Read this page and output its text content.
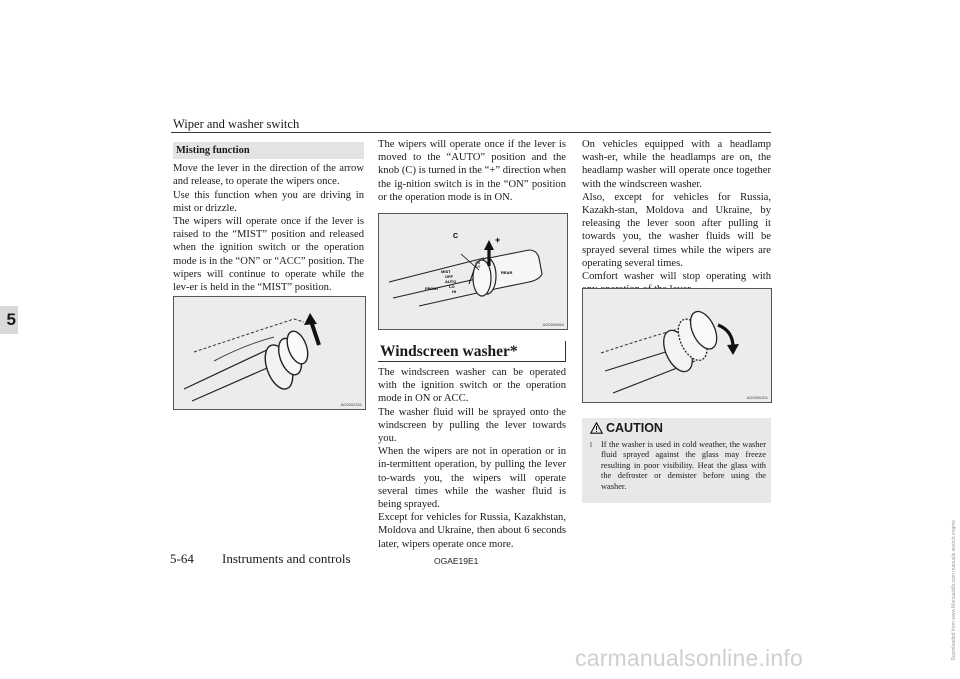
Wiper and washer switch
5

Misting function

Move the lever in the direction of the arrow and release, to operate the wipers once.

Use this function when you are driving in mist or drizzle.

The wipers will operate once if the lever is raised to the “MIST” position and released when the ignition switch or the operation mode is in the “ON” or “ACC” position. The wipers will continue to operate while the lev-er is held in the “MIST” position.

AG0002332

The wipers will operate once if the lever is moved to the “AUTO” position and the knob (C) is turned in the “+” direction when the ig-nition switch is in the “ON” position or the operation mode is in ON.

C	+
MIST
OFF
AUTO
LO
HI
FRONT
REAR
INT
ON
AG0000664
Windscreen washer*

The windscreen washer can be operated with the ignition switch or the operation mode in ON or ACC.

The washer fluid will be sprayed onto the windscreen by pulling the lever towards you.

When the wipers are not in operation or in in-termittent operation, by pulling the lever to-wards you, the wipers will operate several times while the washer fluid is being sprayed.

Except for vehicles for Russia, Kazakhstan, Moldova and Ukraine, then about 6 seconds later, wipers operate once more.

On vehicles equipped with a headlamp wash-er, while the headlamps are on, the headlamp washer will operate once together with the windscreen washer.

Also, except for vehicles for Russia, Kazakh-stan, Moldova and Ukraine, by releasing the lever soon after pulling it towards you, the washer fluids will be sprayed several times while the wipers are operating several times.

Comfort washer will stop operating with

AG0000201
CAUTION
l If the washer is used in cold weather, the washer fluid sprayed against the glass may freeze resulting in poor visibility. Heat the glass with the defroster or demister before using the washer.
5-64 Instruments and controls	OGAE19E1
carmanualsonline.info	Downloaded from www.Manualslib.com manuals search engine
